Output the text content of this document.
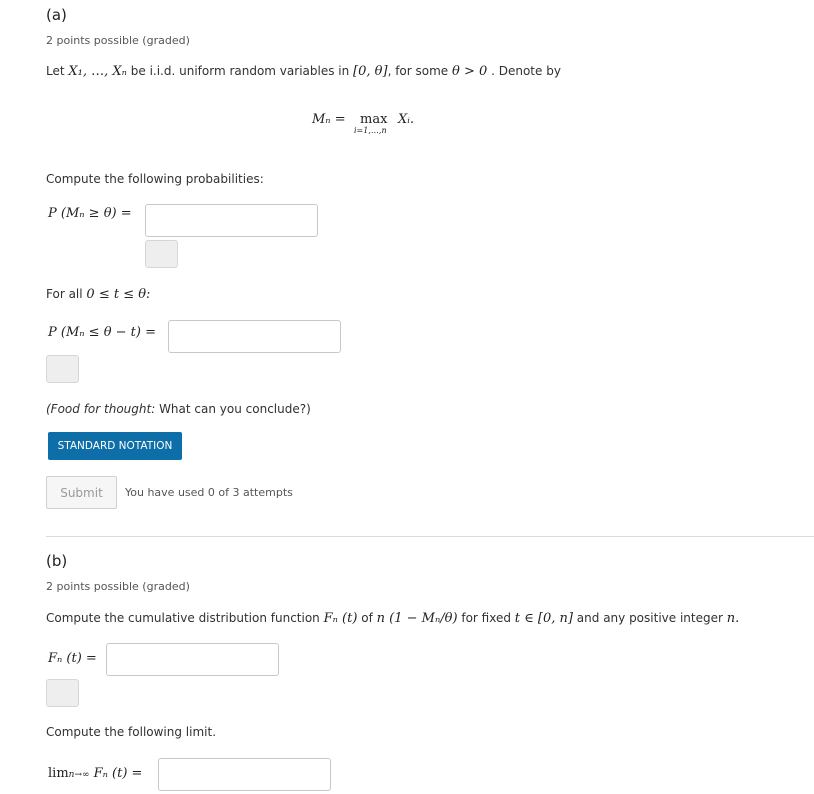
(a)
2 points possible (graded)
Let X₁, …, Xₙ be i.i.d. uniform random variables in [0, θ], for some θ > 0 . Denote by
Mₙ = max
i=1,…,n
Xᵢ.
Compute the following probabilities:
P (Mₙ ≥ θ) =
For all 0 ≤ t ≤ θ:
P (Mₙ ≤ θ − t) =
(Food for thought: What can you conclude?)
STANDARD NOTATION
Submit	You have used 0 of 3 attempts
(b)
2 points possible (graded)
Compute the cumulative distribution function Fₙ (t) of n (1 − Mₙ/θ) for fixed t ∈ [0, n] and any positive integer n.
Fₙ (t) =
Compute the following limit.
limn→∞ Fₙ (t) =
